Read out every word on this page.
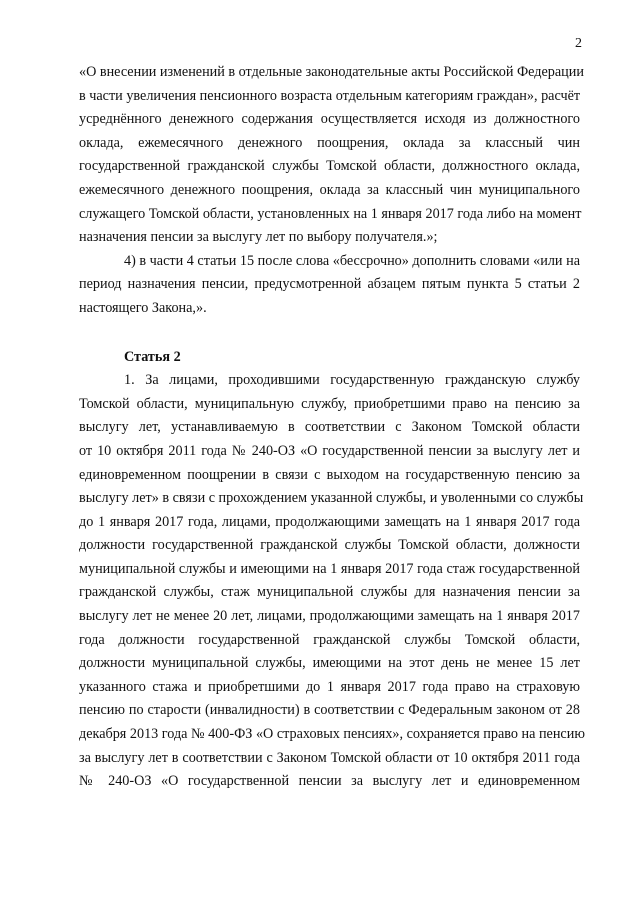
2
«О внесении изменений в отдельные законодательные акты Российской Федерации
в части увеличения пенсионного возраста отдельным категориям граждан», расчёт
усреднённого денежного содержания осуществляется исходя из должностного
оклада, ежемесячного денежного поощрения, оклада за классный чин
государственной гражданской службы Томской области, должностного оклада,
ежемесячного денежного поощрения, оклада за классный чин муниципального
служащего Томской области, установленных на 1 января 2017 года либо на момент
назначения пенсии за выслугу лет по выбору получателя.»;
4) в части 4 статьи 15 после слова «бессрочно» дополнить словами «или на
период назначения пенсии, предусмотренной абзацем пятым пункта 5 статьи 2
настоящего Закона,».
Статья 2
1. За лицами, проходившими государственную гражданскую службу
Томской области, муниципальную службу, приобретшими право на пенсию за
выслугу лет, устанавливаемую в соответствии с Законом Томской области
от 10 октября 2011 года № 240-ОЗ «О государственной пенсии за выслугу лет и
единовременном поощрении в связи с выходом на государственную пенсию за
выслугу лет» в связи с прохождением указанной службы, и уволенными со службы
до 1 января 2017 года, лицами, продолжающими замещать на 1 января 2017 года
должности государственной гражданской службы Томской области, должности
муниципальной службы и имеющими на 1 января 2017 года стаж государственной
гражданской службы, стаж муниципальной службы для назначения пенсии за
выслугу лет не менее 20 лет, лицами, продолжающими замещать на 1 января 2017
года должности государственной гражданской службы Томской области,
должности муниципальной службы, имеющими на этот день не менее 15 лет
указанного стажа и приобретшими до 1 января 2017 года право на страховую
пенсию по старости (инвалидности) в соответствии с Федеральным законом от 28
декабря 2013 года № 400-ФЗ «О страховых пенсиях», сохраняется право на пенсию
за выслугу лет в соответствии с Законом Томской области от 10 октября 2011 года
№ 240-ОЗ «О государственной пенсии за выслугу лет и единовременном
